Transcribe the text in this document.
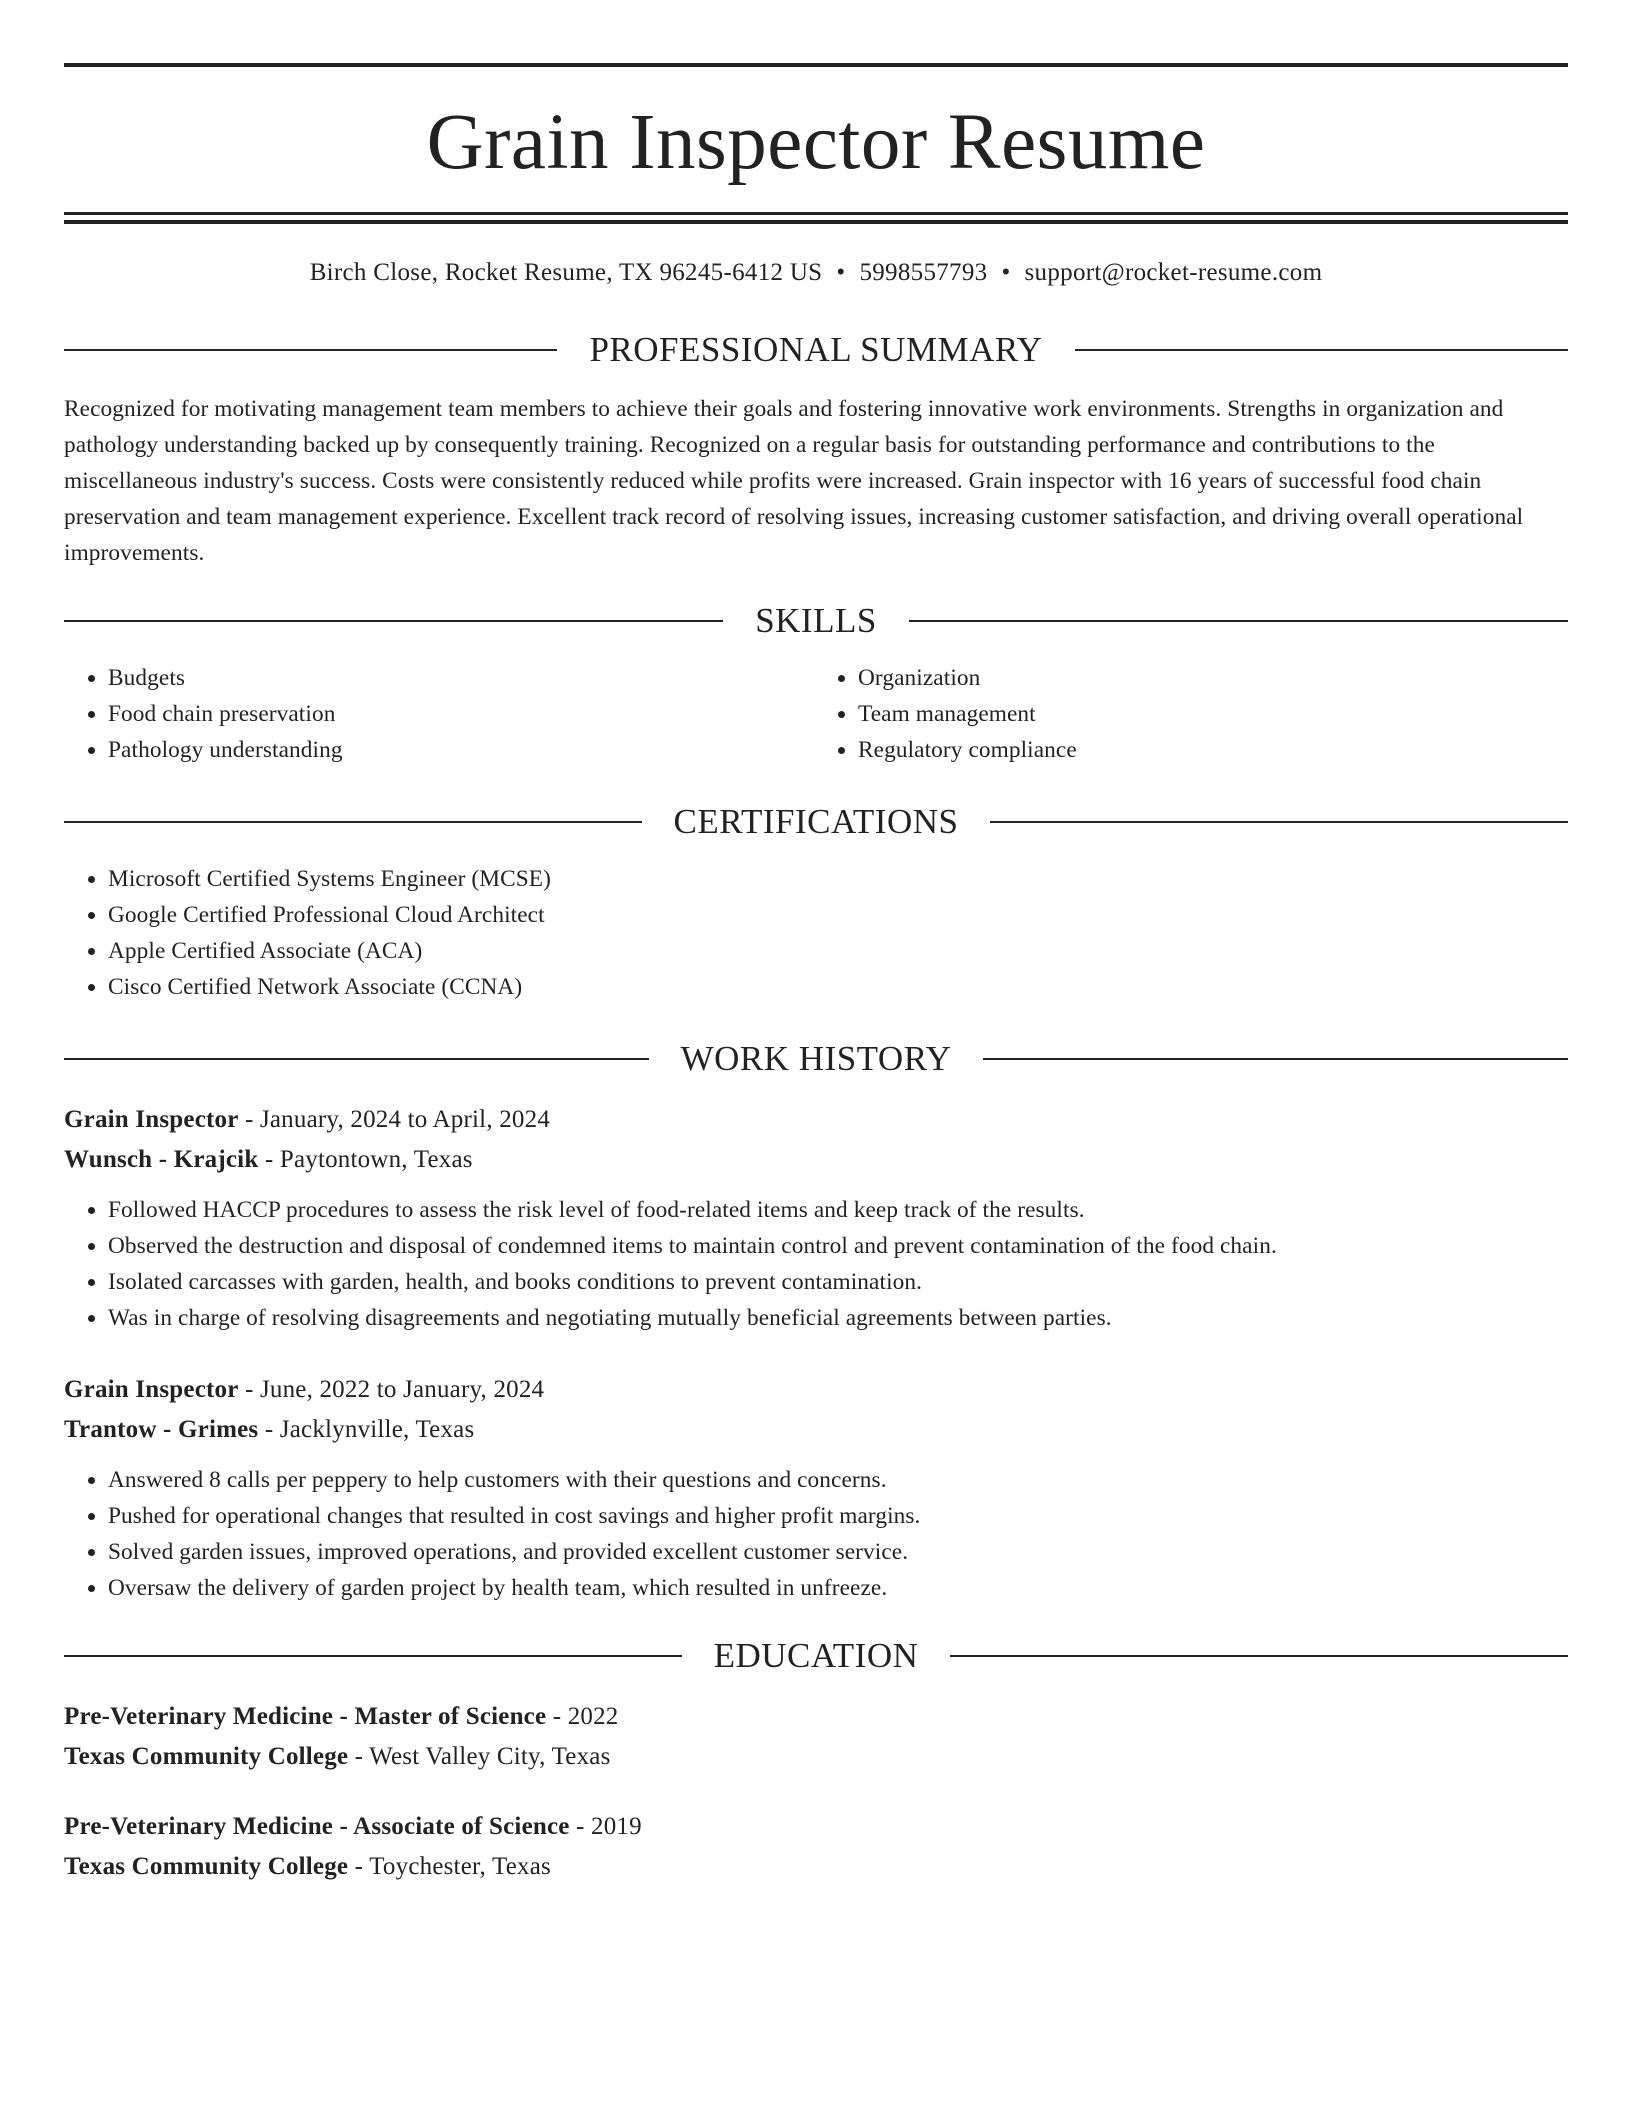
Grain Inspector Resume
Birch Close, Rocket Resume, TX 96245-6412 US • 5998557793 • support@rocket-resume.com
PROFESSIONAL SUMMARY

Recognized for motivating management team members to achieve their goals and fostering innovative work environments. Strengths in organization and pathology understanding backed up by consequently training. Recognized on a regular basis for outstanding performance and contributions to the miscellaneous industry's success. Costs were consistently reduced while profits were increased. Grain inspector with 16 years of successful food chain preservation and team management experience. Excellent track record of resolving issues, increasing customer satisfaction, and driving overall operational improvements.

SKILLS
• Budgets
• Food chain preservation
• Pathology understanding
• Organization
• Team management
• Regulatory compliance
CERTIFICATIONS
• Microsoft Certified Systems Engineer (MCSE)
• Google Certified Professional Cloud Architect
• Apple Certified Associate (ACA)
• Cisco Certified Network Associate (CCNA)
WORK HISTORY
Grain Inspector - January, 2024 to April, 2024
Wunsch - Krajcik - Paytontown, Texas
• Followed HACCP procedures to assess the risk level of food-related items and keep track of the results.
• Observed the destruction and disposal of condemned items to maintain control and prevent contamination of the food chain.
• Isolated carcasses with garden, health, and books conditions to prevent contamination.
• Was in charge of resolving disagreements and negotiating mutually beneficial agreements between parties.
Grain Inspector - June, 2022 to January, 2024
Trantow - Grimes - Jacklynville, Texas
• Answered 8 calls per peppery to help customers with their questions and concerns.
• Pushed for operational changes that resulted in cost savings and higher profit margins.
• Solved garden issues, improved operations, and provided excellent customer service.
• Oversaw the delivery of garden project by health team, which resulted in unfreeze.
EDUCATION
Pre-Veterinary Medicine - Master of Science - 2022
Texas Community College - West Valley City, Texas
Pre-Veterinary Medicine - Associate of Science - 2019
Texas Community College - Toychester, Texas
